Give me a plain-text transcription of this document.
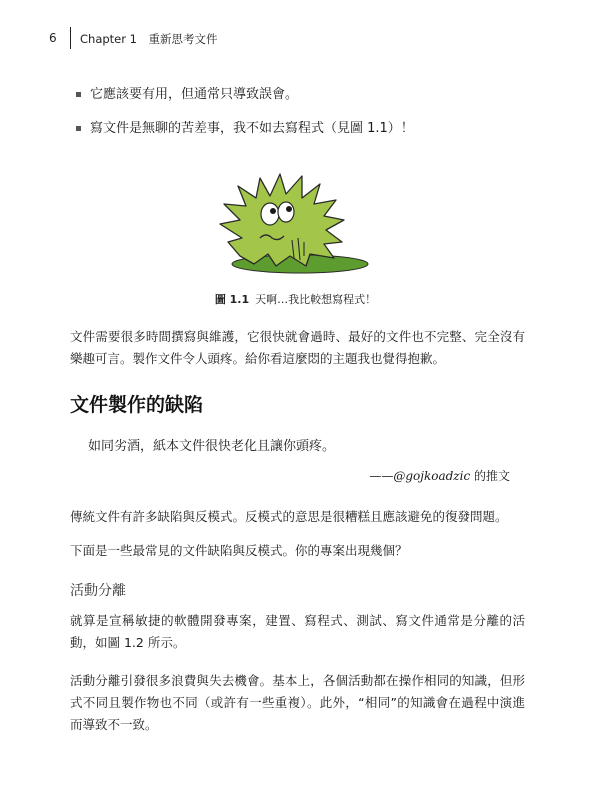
6 Chapter 1　重新思考文件
它應該要有用，但通常只導致誤會。
寫文件是無聊的苦差事，我不如去寫程式（見圖 1.1）！
圖 1.1 天啊…我比較想寫程式！

文件需要很多時間撰寫與維護，它很快就會過時、最好的文件也不完整、完全沒有樂趣可言。製作文件令人頭疼。給你看這麼悶的主題我也覺得抱歉。

文件製作的缺陷

如同劣酒，紙本文件很快老化且讓你頭疼。

——@gojkoadzic 的推文

傳統文件有許多缺陷與反模式。反模式的意思是很糟糕且應該避免的復發問題。

下面是一些最常見的文件缺陷與反模式。你的專案出現幾個？

活動分離

就算是宣稱敏捷的軟體開發專案，建置、寫程式、測試、寫文件通常是分離的活動，如圖 1.2 所示。

活動分離引發很多浪費與失去機會。基本上，各個活動都在操作相同的知識，但形式不同且製作物也不同（或許有一些重複）。此外，“相同”的知識會在過程中演進而導致不一致。
